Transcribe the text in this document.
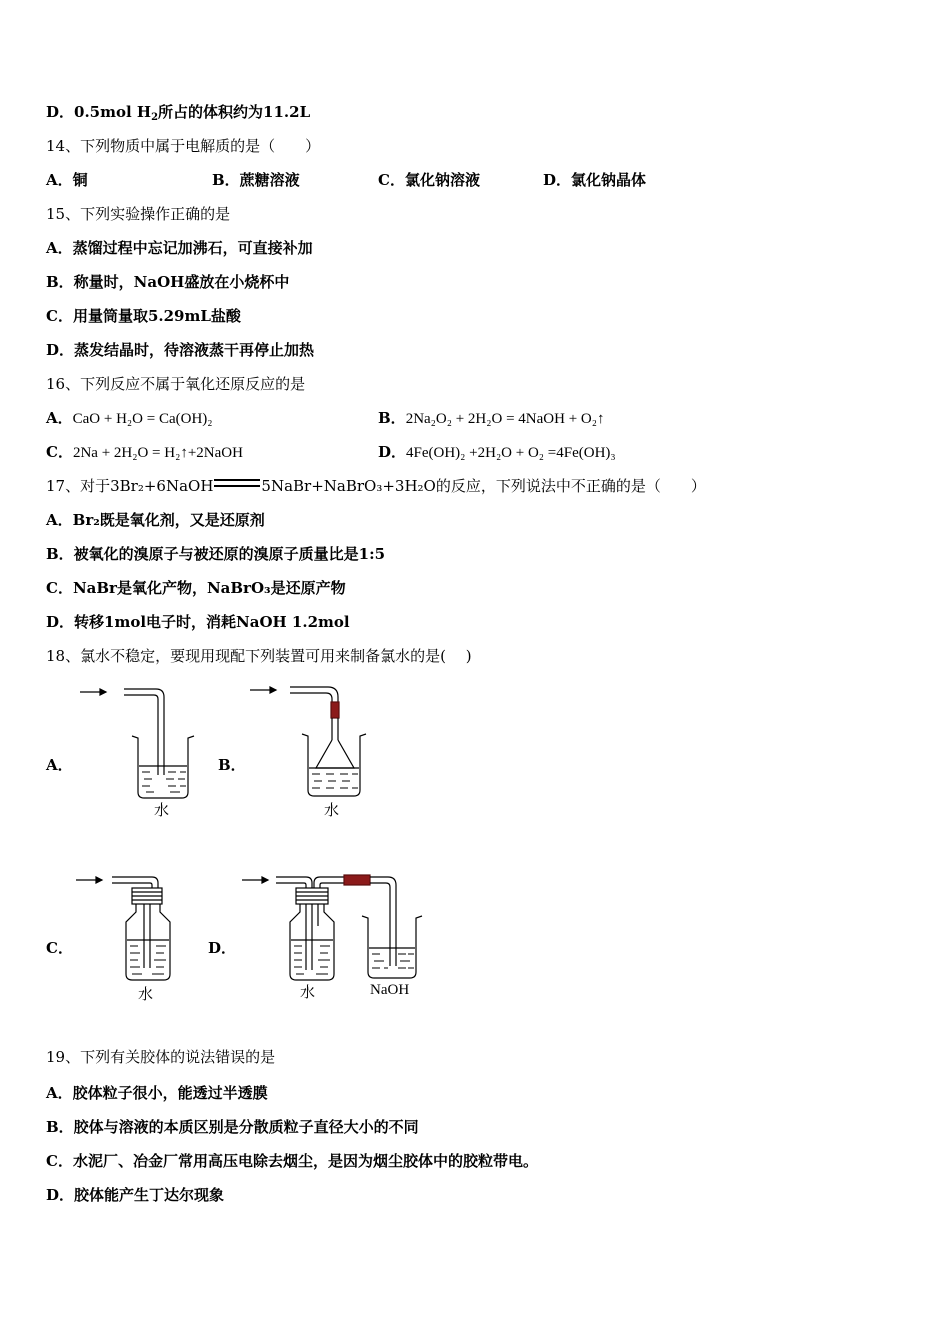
D．0.5mol $H_2$所占的体积约为11.2L
14、下列物质中属于电解质的是（　　）
A．铜	B．蔗糖溶液	C．氯化钠溶液	D．氯化钠晶体
15、下列实验操作正确的是
A．蒸馏过程中忘记加沸石，可直接补加
B．称量时，NaOH盛放在小烧杯中
C．用量筒量取5.29mL盐酸
D．蒸发结晶时，待溶液蒸干再停止加热
16、下列反应不属于氧化还原反应的是
A．CaO + H₂O = Ca(OH)₂	B．2Na₂O₂ + 2H₂O = 4NaOH + O₂↑
C．2Na + 2H₂O = H₂↑+2NaOH	D．4Fe(OH)₂ +2H₂O + O₂ =4Fe(OH)₃
17、对于3Br₂+6NaOH	5NaBr+NaBrO₃+3H₂O的反应，下列说法中不正确的是（　　）
A．Br₂既是氧化剂，又是还原剂
B．被氧化的溴原子与被还原的溴原子质量比是1:5
C．NaBr是氧化产物，NaBrO₃是还原产物
D．转移1mol电子时，消耗NaOH 1.2mol
18、氯水不稳定，要现用现配下列装置可用来制备氯水的是(　 )
A．	B．
C．	D．
水	水
水	水	NaOH
19、下列有关胶体的说法错误的是
A．胶体粒子很小，能透过半透膜
B．胶体与溶液的本质区别是分散质粒子直径大小的不同
C．水泥厂、冶金厂常用高压电除去烟尘，是因为烟尘胶体中的胶粒带电。
D．胶体能产生丁达尔现象
